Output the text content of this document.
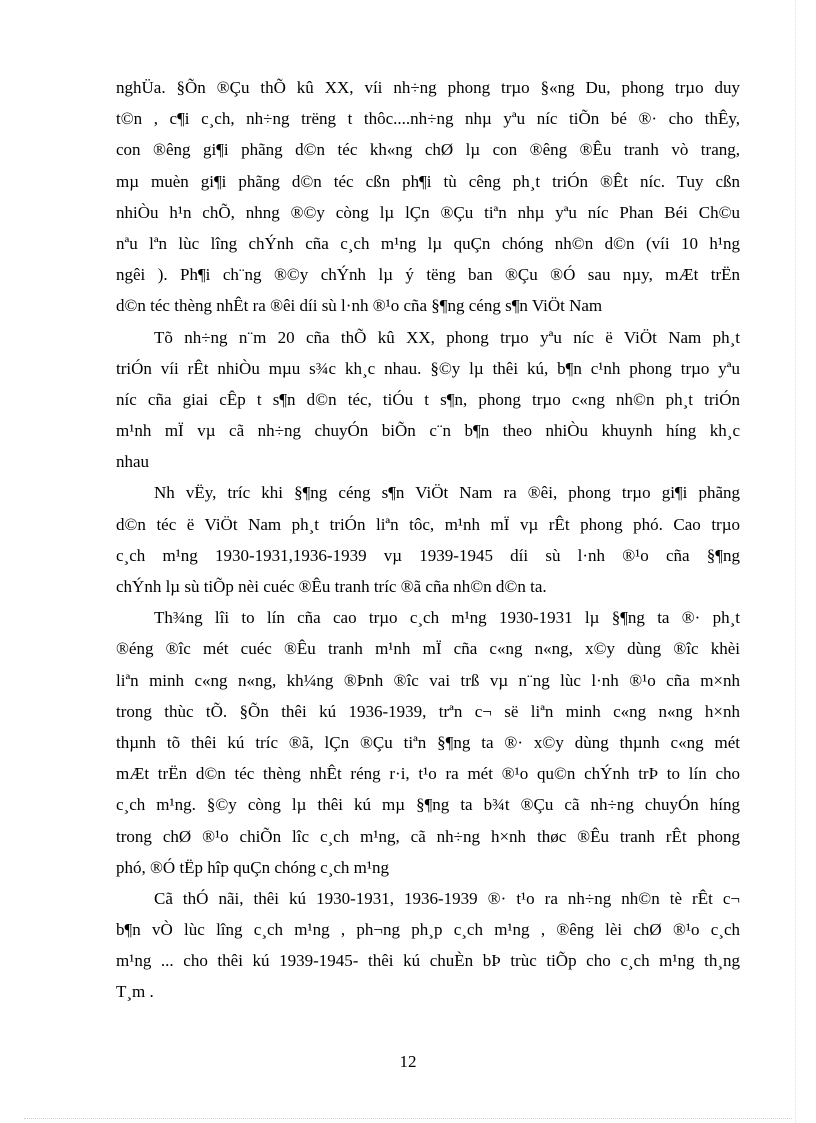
nghÜa. §Õn ®Çu thÕ kû XX, víi nh÷ng phong trµo §«ng Du, phong trµo duy
t©n , c¶i c¸ch, nh÷ng trëng t thôc....nh÷ng nhµ yªu níc tiÕn bé ®· cho thÊy,
con ®êng gi¶i phãng d©n téc kh«ng chØ lµ con ®êng ®Êu tranh vò trang,
mµ muèn gi¶i phãng d©n téc cßn ph¶i tù cêng ph¸t triÓn ®Êt níc. Tuy cßn
nhiÒu h¹n chÕ, nhng ®©y còng lµ lÇn ®Çu tiªn nhµ yªu níc Phan Béi Ch©u
nªu lªn lùc lîng chÝnh cña c¸ch m¹ng lµ quÇn chóng nh©n d©n (víi 10 h¹ng
ngêi ). Ph¶i ch¨ng ®©y chÝnh lµ ý tëng ban ®Çu ®Ó sau nµy, mÆt trËn
d©n téc thèng nhÊt ra ®êi díi sù l·nh ®¹o cña §¶ng céng s¶n ViÖt Nam
Tõ nh÷ng n¨m 20 cña thÕ kû XX, phong trµo yªu níc ë ViÖt Nam ph¸t
triÓn víi rÊt nhiÒu mµu s¾c kh¸c nhau. §©y lµ thêi kú, b¶n c¹nh phong trµo yªu
níc cña giai cÊp t s¶n d©n téc, tiÓu t s¶n, phong trµo c«ng nh©n ph¸t triÓn
m¹nh mÏ vµ cã nh÷ng chuyÓn biÕn c¨n b¶n theo nhiÒu khuynh híng kh¸c
nhau
Nh vËy, tríc khi §¶ng céng s¶n ViÖt Nam ra ®êi, phong trµo gi¶i phãng
d©n téc ë ViÖt Nam ph¸t triÓn liªn tôc, m¹nh mÏ vµ rÊt phong phó. Cao trµo
c¸ch m¹ng 1930-1931,1936-1939 vµ 1939-1945 díi sù l·nh ®¹o cña §¶ng
chÝnh lµ sù tiÕp nèi cuéc ®Êu tranh tríc ®ã cña nh©n d©n ta.
Th¾ng lîi to lín cña cao trµo c¸ch m¹ng 1930-1931 lµ §¶ng ta ®· ph¸t
®éng ®îc mét cuéc ®Êu tranh m¹nh mÏ cña c«ng n«ng, x©y dùng ®îc khèi
liªn minh c«ng n«ng, kh¼ng ®Þnh ®îc vai trß vµ n¨ng lùc l·nh ®¹o cña m×nh
trong thùc tÕ. §Õn thêi kú 1936-1939, trªn c¬ së liªn minh c«ng n«ng h×nh
thµnh tõ thêi kú tríc ®ã, lÇn ®Çu tiªn §¶ng ta ®· x©y dùng thµnh c«ng mét
mÆt trËn d©n téc thèng nhÊt réng r·i, t¹o ra mét ®¹o qu©n chÝnh trÞ to lín cho
c¸ch m¹ng. §©y còng lµ thêi kú mµ §¶ng ta b¾t ®Çu cã nh÷ng chuyÓn híng
trong chØ ®¹o chiÕn lîc c¸ch m¹ng, cã nh÷ng h×nh thøc ®Êu tranh rÊt phong
phó, ®Ó tËp hîp quÇn chóng c¸ch m¹ng
Cã thÓ nãi, thêi kú 1930-1931, 1936-1939 ®· t¹o ra nh÷ng nh©n tè rÊt c¬
b¶n vÒ lùc lîng c¸ch m¹ng , ph¬ng ph¸p c¸ch m¹ng , ®êng lèi chØ ®¹o c¸ch
m¹ng ... cho thêi kú 1939-1945- thêi kú chuÈn bÞ trùc tiÕp cho c¸ch m¹ng th¸ng
T¸m .
12
